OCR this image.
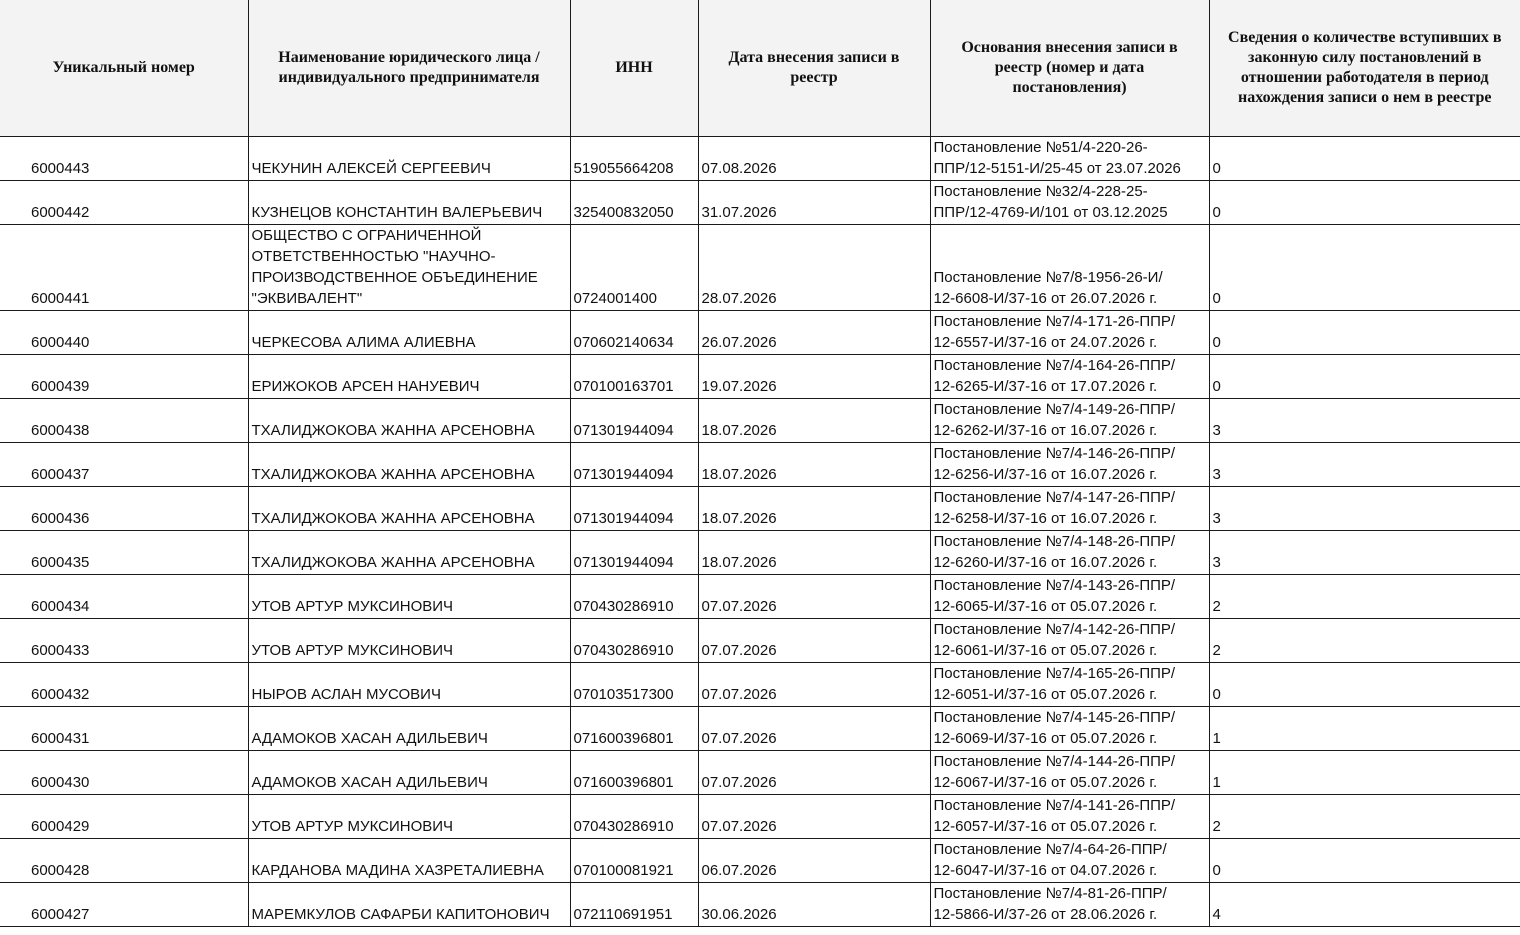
Уникальный номер	Наименование юридического лица / индивидуального предпринимателя	ИНН	Дата внесения записи в реестр	Основания внесения записи в реестр (номер и дата постановления)	Сведения о количестве вступивших в законную силу постановлений в отношении работодателя в период нахождения записи о нем в реестре
6000443	ЧЕКУНИН АЛЕКСЕЙ СЕРГЕЕВИЧ	519055664208	07.08.2026	Постановление №51/4-220-26-
ППР/12-5151-И/25-45 от 23.07.2026	0
6000442	КУЗНЕЦОВ КОНСТАНТИН ВАЛЕРЬЕВИЧ	325400832050	31.07.2026	Постановление №32/4-228-25-
ППР/12-4769-И/101 от 03.12.2025	0
6000441	ОБЩЕСТВО С ОГРАНИЧЕННОЙ
ОТВЕТСТВЕННОСТЬЮ "НАУЧНО-
ПРОИЗВОДСТВЕННОЕ ОБЪЕДИНЕНИЕ
"ЭКВИВАЛЕНТ"	0724001400	28.07.2026	Постановление №7/8-1956-26-И/
12-6608-И/37-16 от 26.07.2026 г.	0
6000440	ЧЕРКЕСОВА АЛИМА АЛИЕВНА	070602140634	26.07.2026	Постановление №7/4-171-26-ППР/
12-6557-И/37-16 от 24.07.2026 г.	0
6000439	ЕРИЖОКОВ АРСЕН НАНУЕВИЧ	070100163701	19.07.2026	Постановление №7/4-164-26-ППР/
12-6265-И/37-16 от 17.07.2026 г.	0
6000438	ТХАЛИДЖОКОВА ЖАННА АРСЕНОВНА	071301944094	18.07.2026	Постановление №7/4-149-26-ППР/
12-6262-И/37-16 от 16.07.2026 г.	3
6000437	ТХАЛИДЖОКОВА ЖАННА АРСЕНОВНА	071301944094	18.07.2026	Постановление №7/4-146-26-ППР/
12-6256-И/37-16 от 16.07.2026 г.	3
6000436	ТХАЛИДЖОКОВА ЖАННА АРСЕНОВНА	071301944094	18.07.2026	Постановление №7/4-147-26-ППР/
12-6258-И/37-16 от 16.07.2026 г.	3
6000435	ТХАЛИДЖОКОВА ЖАННА АРСЕНОВНА	071301944094	18.07.2026	Постановление №7/4-148-26-ППР/
12-6260-И/37-16 от 16.07.2026 г.	3
6000434	УТОВ АРТУР МУКСИНОВИЧ	070430286910	07.07.2026	Постановление №7/4-143-26-ППР/
12-6065-И/37-16 от 05.07.2026 г.	2
6000433	УТОВ АРТУР МУКСИНОВИЧ	070430286910	07.07.2026	Постановление №7/4-142-26-ППР/
12-6061-И/37-16 от 05.07.2026 г.	2
6000432	НЫРОВ АСЛАН МУСОВИЧ	070103517300	07.07.2026	Постановление №7/4-165-26-ППР/
12-6051-И/37-16 от 05.07.2026 г.	0
6000431	АДАМОКОВ ХАСАН АДИЛЬЕВИЧ	071600396801	07.07.2026	Постановление №7/4-145-26-ППР/
12-6069-И/37-16 от 05.07.2026 г.	1
6000430	АДАМОКОВ ХАСАН АДИЛЬЕВИЧ	071600396801	07.07.2026	Постановление №7/4-144-26-ППР/
12-6067-И/37-16 от 05.07.2026 г.	1
6000429	УТОВ АРТУР МУКСИНОВИЧ	070430286910	07.07.2026	Постановление №7/4-141-26-ППР/
12-6057-И/37-16 от 05.07.2026 г.	2
6000428	КАРДАНОВА МАДИНА ХАЗРЕТАЛИЕВНА	070100081921	06.07.2026	Постановление №7/4-64-26-ППР/
12-6047-И/37-16 от 04.07.2026 г.	0
6000427	МАРЕМКУЛОВ САФАРБИ КАПИТОНОВИЧ	072110691951	30.06.2026	Постановление №7/4-81-26-ППР/
12-5866-И/37-26 от 28.06.2026 г.	4
